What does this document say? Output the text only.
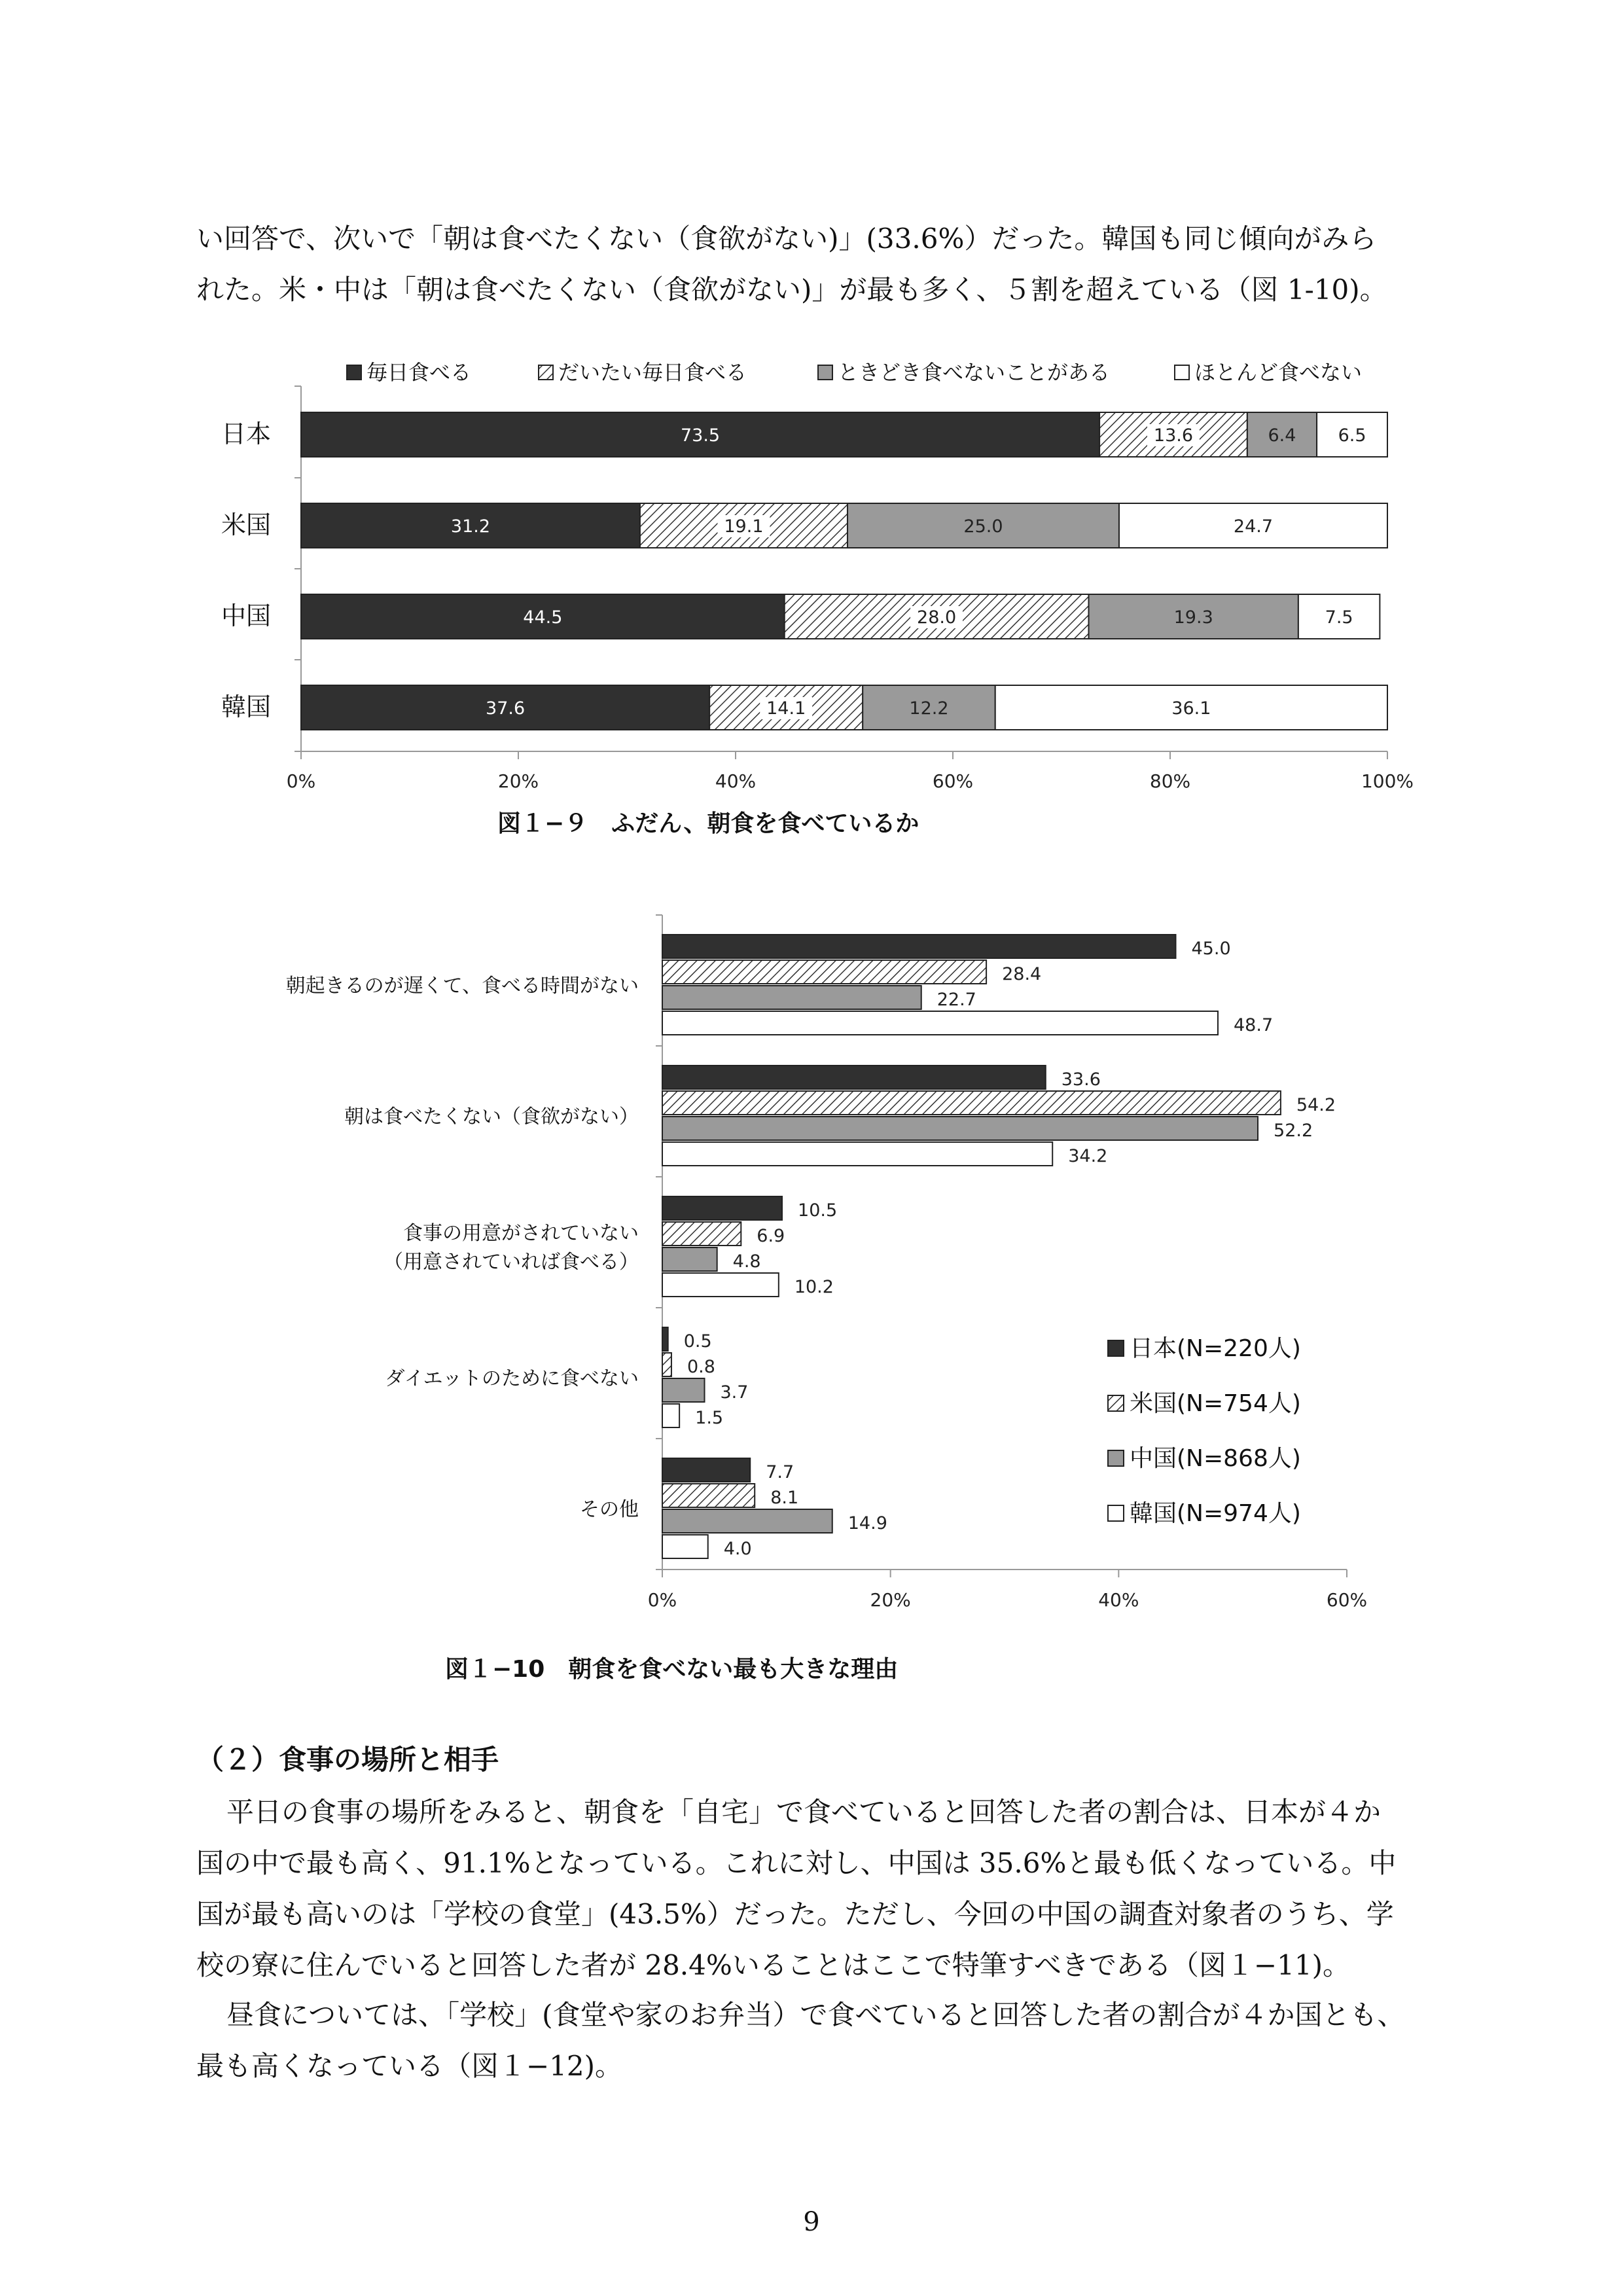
い回答で、次いで「朝は食べたくない（食欲がない)」(33.6%）だった。韓国も同じ傾向がみら
れた。米・中は「朝は食べたくない（食欲がない)」が最も多く、５割を超えている（図 1-10)。
0%	20%	40%	60%	80%	100%
毎日食べる	だいたい毎日食べる	ときどき食べないことがある	ほとんど食べない
日本	73.5	13.6	6.4 6.5
米国	31.2	19.1	25.0	24.7
中国	44.5	28.0	19.3	7.5
韓国	37.6	14.1	12.2	36.1
図１−９　ふだん、朝食を食べているか
0%	20%	40%	60%
朝起きるのが遅くて、食べる時間がない
45.0
28.4
22.7
48.7
朝は食べたくない（食欲がない）
33.6
54.2
52.2
34.2
食事の用意がされていない
（用意されていれば食べる）
10.5
6.9
4.8
10.2
ダイエットのために食べない
0.5
0.8
3.7
1.5
その他
7.7
8.1
14.9
4.0
日本(N=220人)
米国(N=754人)
中国(N=868人)
韓国(N=974人)
図１−10　朝食を食べない最も大きな理由
（２）食事の場所と相手
平日の食事の場所をみると、朝食を「自宅」で食べていると回答した者の割合は、日本が４か
国の中で最も高く、91.1%となっている。これに対し、中国は 35.6%と最も低くなっている。中
国が最も高いのは「学校の食堂」(43.5%）だった。ただし、今回の中国の調査対象者のうち、学
校の寮に住んでいると回答した者が 28.4%いることはここで特筆すべきである（図１−11)。
昼食については、「学校」(食堂や家のお弁当）で食べていると回答した者の割合が４か国とも、
最も高くなっている（図１−12)。
9
